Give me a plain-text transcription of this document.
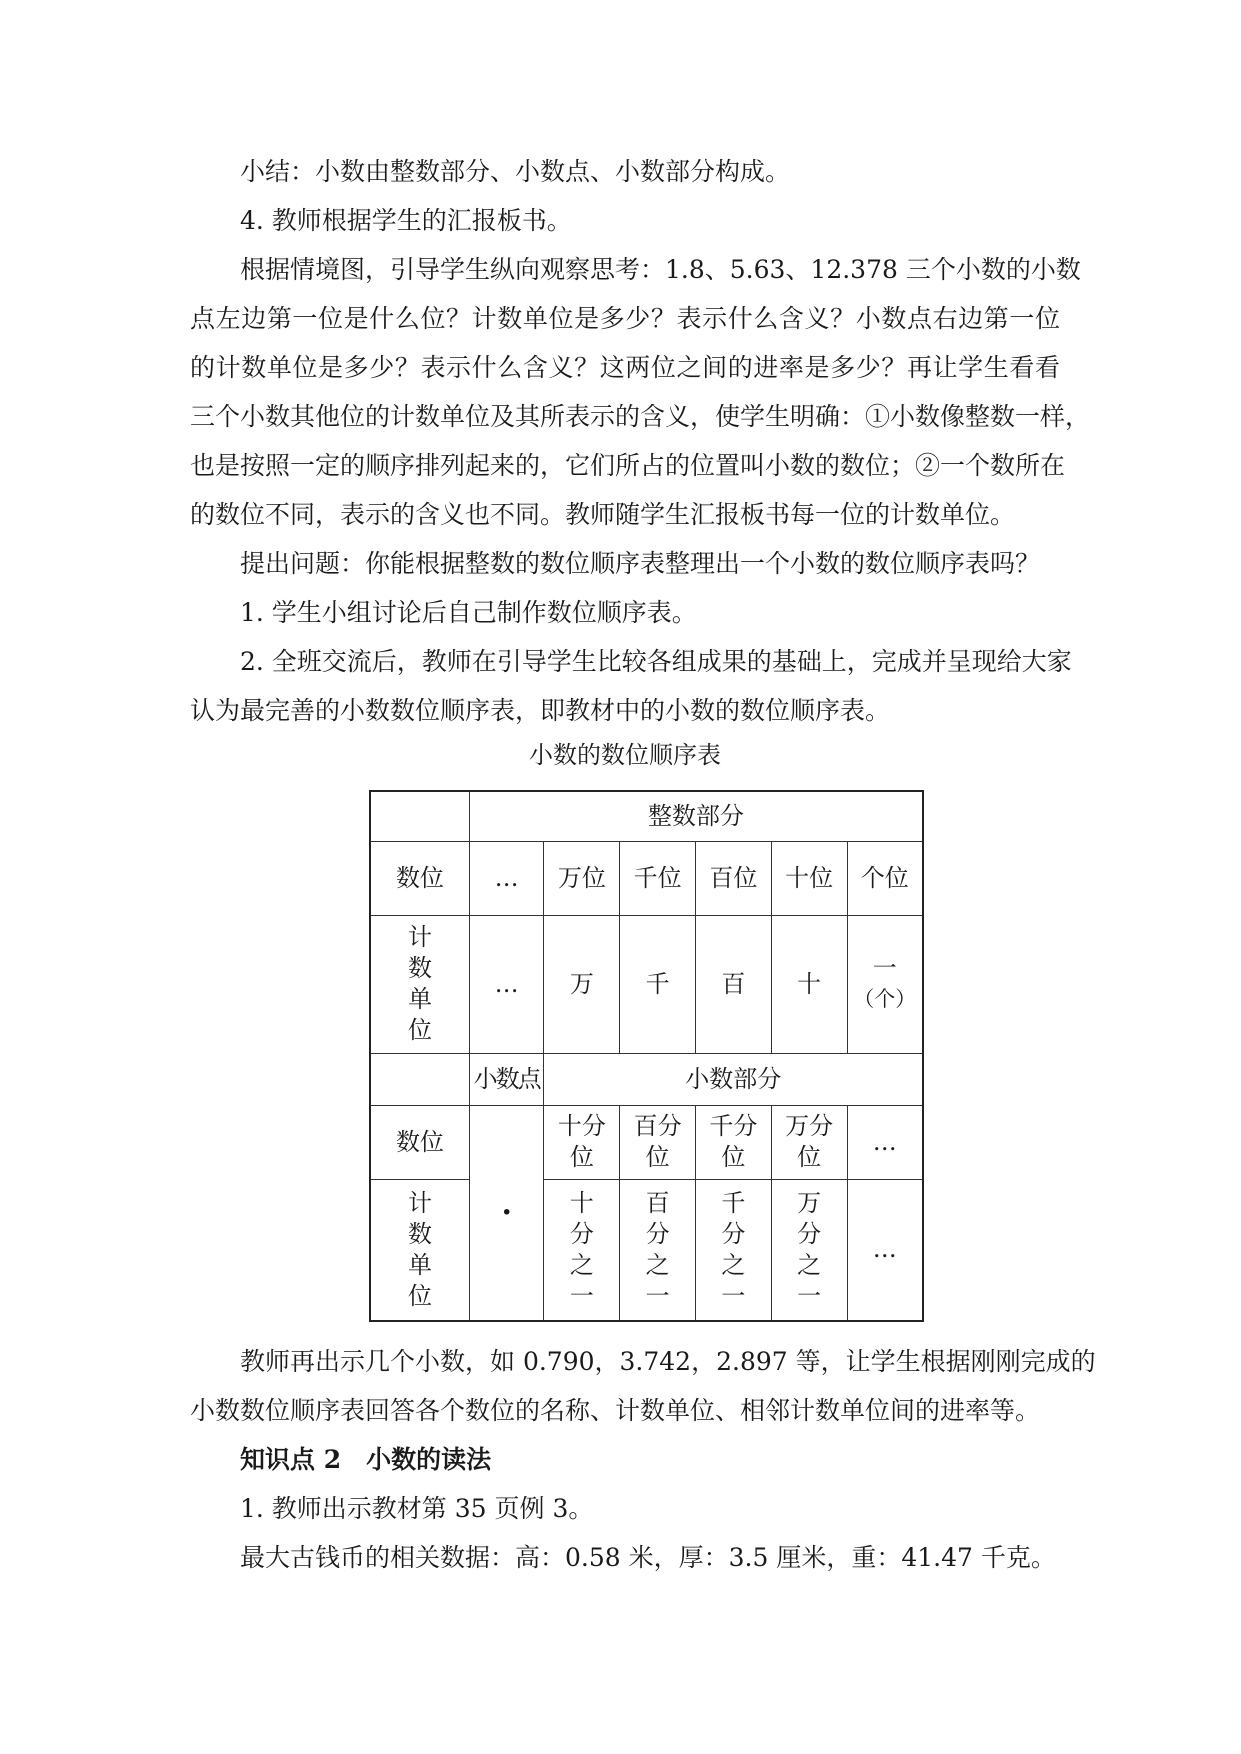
小结：小数由整数部分、小数点、小数部分构成。
4. 教师根据学生的汇报板书。
根据情境图，引导学生纵向观察思考：1.8、5.63、12.378 三个小数的小数
点左边第一位是什么位？计数单位是多少？表示什么含义？小数点右边第一位
的计数单位是多少？表示什么含义？这两位之间的进率是多少？再让学生看看
三个小数其他位的计数单位及其所表示的含义，使学生明确：①小数像整数一样，
也是按照一定的顺序排列起来的，它们所占的位置叫小数的数位；②一个数所在
的数位不同，表示的含义也不同。教师随学生汇报板书每一位的计数单位。
提出问题：你能根据整数的数位顺序表整理出一个小数的数位顺序表吗？
1. 学生小组讨论后自己制作数位顺序表。
2. 全班交流后，教师在引导学生比较各组成果的基础上，完成并呈现给大家
认为最完善的小数数位顺序表，即教材中的小数的数位顺序表。
小数的数位顺序表
	整数部分					
数位	…	万位	千位	百位	十位	个位
计数单位	…	万	千	百	十	一
（个）

	小数点	小数部分				
数位	·	十分位	百分位	千分位	万分位	…
计数单位		十分之一	百分之一	千分之一	万分之一	…
教师再出示几个小数，如 0.790，3.742，2.897 等，让学生根据刚刚完成的
小数数位顺序表回答各个数位的名称、计数单位、相邻计数单位间的进率等。
知识点 2　小数的读法
1. 教师出示教材第 35 页例 3。
最大古钱币的相关数据：高：0.58 米，厚：3.5 厘米，重：41.47 千克。
